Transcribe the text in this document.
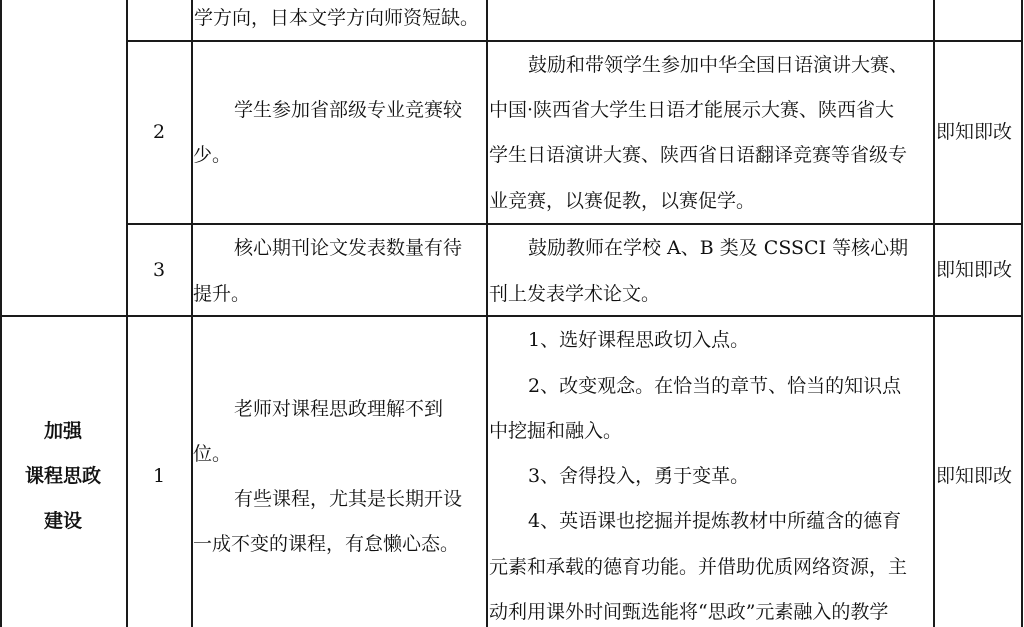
学方向，日本文学方向师资短缺。
2
学生参加省部级专业竞赛较
少。
鼓励和带领学生参加中华全国日语演讲大赛、
中国·陕西省大学生日语才能展示大赛、陕西省大
学生日语演讲大赛、陕西省日语翻译竞赛等省级专
业竞赛，以赛促教，以赛促学。
即知即改
3
核心期刊论文发表数量有待
提升。
鼓励教师在学校 A、B 类及 CSSCI 等核心期
刊上发表学术论文。
即知即改
加强
课程思政
建设
1
老师对课程思政理解不到
位。
有些课程，尤其是长期开设
一成不变的课程，有怠懒心态。
1、选好课程思政切入点。
2、改变观念。在恰当的章节、恰当的知识点
中挖掘和融入。
3、舍得投入，勇于变革。
4、英语课也挖掘并提炼教材中所蕴含的德育
元素和承载的德育功能。并借助优质网络资源，主
动利用课外时间甄选能将“思政”元素融入的教学
即知即改
